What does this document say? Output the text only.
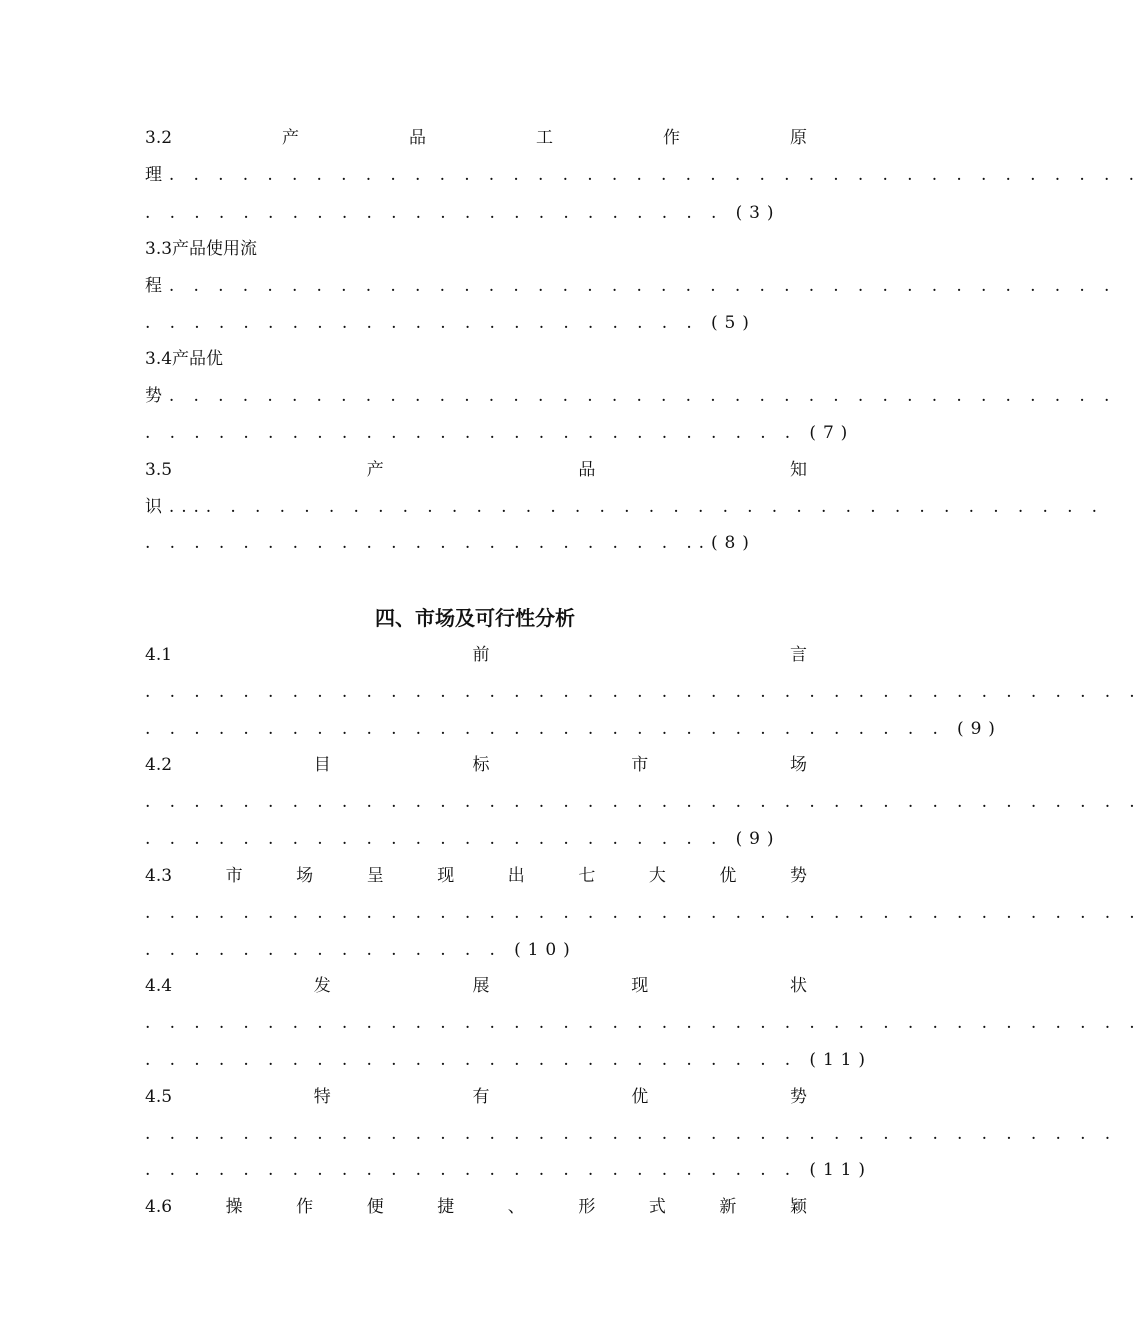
3.2	产	品	工	作	原
理. . . . . . . . . . . . . . . . . . . . . . . . . . . . . . . . . . . . . . . .
. . . . . . . . . . . . . . . . . . . . . . . . (3)
3.3产品使用流
程. . . . . . . . . . . . . . . . . . . . . . . . . . . . . . . . . . . . . . .
. . . . . . . . . . . . . . . . . . . . . . . (5)
3.4产品优
势. . . . . . . . . . . . . . . . . . . . . . . . . . . . . . . . . . . . . . .
. . . . . . . . . . . . . . . . . . . . . . . . . . . (7)
3.5	产	品	知
识.... . . . . . . . . . . . . . . . . . . . . . . . . . . . . . . . . . . . .
. . . . . . . . . . . . . . . . . . . . . . ..(8)
四、市场及可行性分析
4.1	前	言
. . . . . . . . . . . . . . . . . . . . . . . . . . . . . . . . . . . . . . . . .
. . . . . . . . . . . . . . . . . . . . . . . . . . . . . . . . . (9)
4.2	目	标	市	场
. . . . . . . . . . . . . . . . . . . . . . . . . . . . . . . . . . . . . . . . .
. . . . . . . . . . . . . . . . . . . . . . . . (9)
4.3	市	场	呈	现	出	七	大	优	势
. . . . . . . . . . . . . . . . . . . . . . . . . . . . . . . . . . . . . . . . .
. . . . . . . . . . . . . . . (10)
4.4	发	展	现	状
. . . . . . . . . . . . . . . . . . . . . . . . . . . . . . . . . . . . . . . . .
. . . . . . . . . . . . . . . . . . . . . . . . . . . (11)
4.5	特	有	优	势
. . . . . . . . . . . . . . . . . . . . . . . . . . . . . . . . . . . . . . . .
. . . . . . . . . . . . . . . . . . . . . . . . . . . (11)
4.6	操	作	便	捷	、	形	式	新	颖
